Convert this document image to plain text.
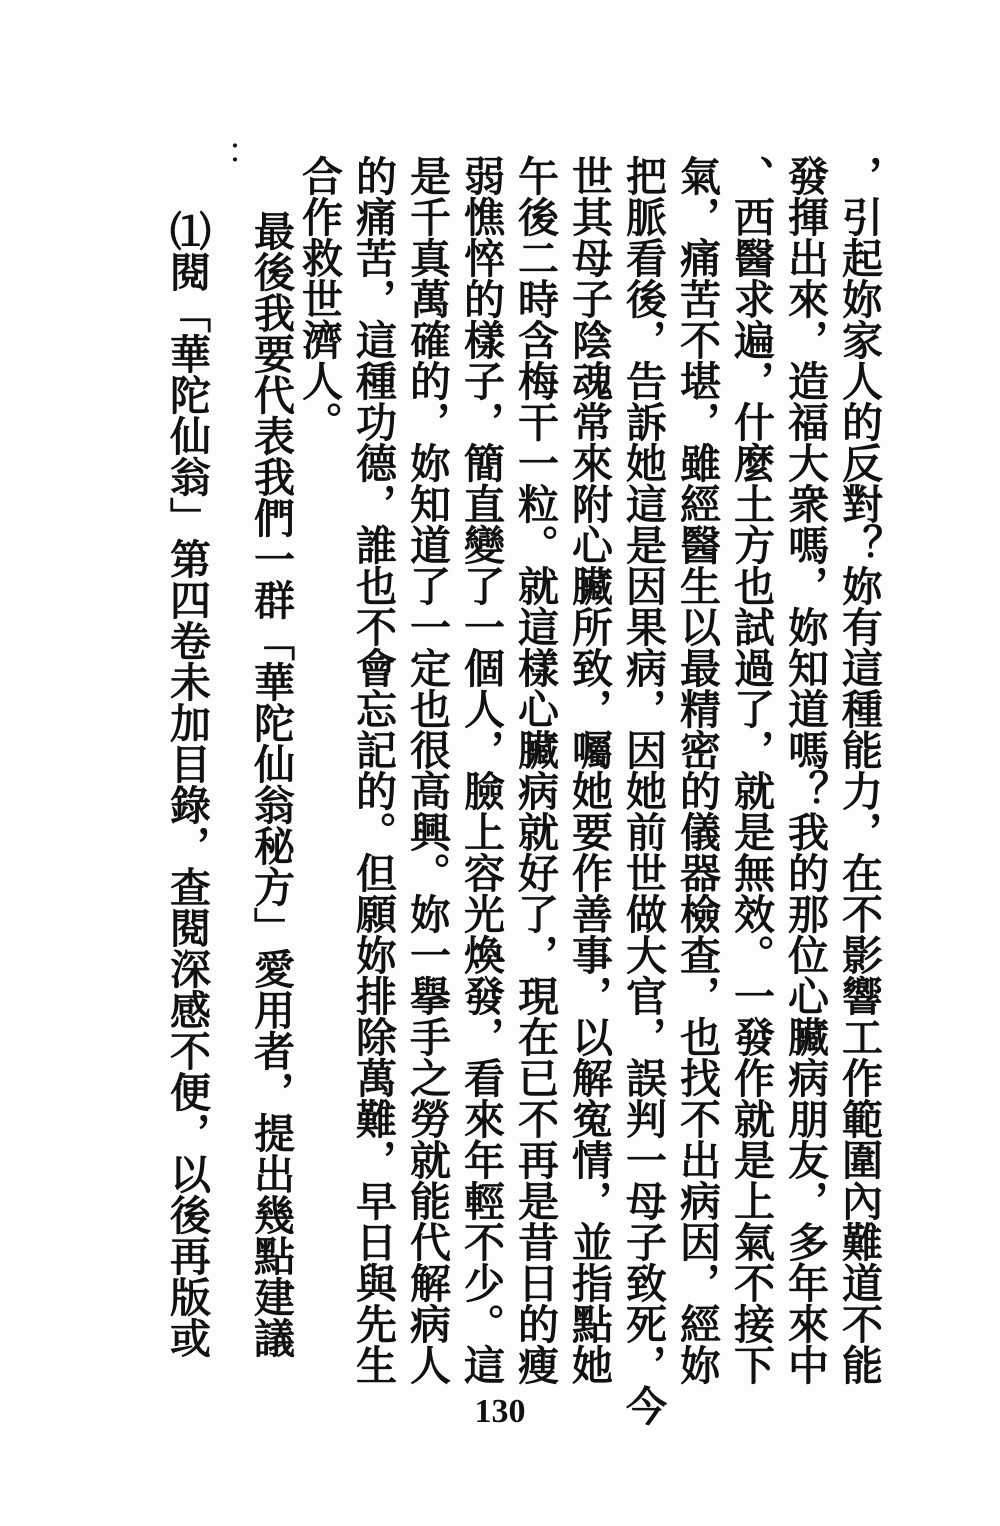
，引起妳家人的反對？妳有這種能力，在不影響工作範圍內難道不能
發揮出來，造福大衆嗎，妳知道嗎？我的那位心臟病朋友，多年來中
、西醫求遍，什麼土方也試過了，就是無效。一發作就是上氣不接下
氣，痛苦不堪，雖經醫生以最精密的儀器檢查，也找不出病因，經妳
把脈看後，告訴她這是因果病，因她前世做大官，誤判一母子致死，今
世其母子陰魂常來附心臟所致，囑她要作善事，以解寃情，並指點她
午後二時含梅干一粒。就這樣心臟病就好了，現在已不再是昔日的瘦
弱憔悴的樣子，簡直變了一個人，臉上容光煥發，看來年輕不少。這
是千真萬確的，妳知道了一定也很高興。妳一擧手之勞就能代解病人
的痛苦，這種功德，誰也不會忘記的。但願妳排除萬難，早日與先生
合作救世濟人。
最後我要代表我們一群「華陀仙翁秘方」愛用者，提出幾點建議
⑴閱「華陀仙翁」第四卷未加目錄，查閱深感不便，以後再版或
：
130
